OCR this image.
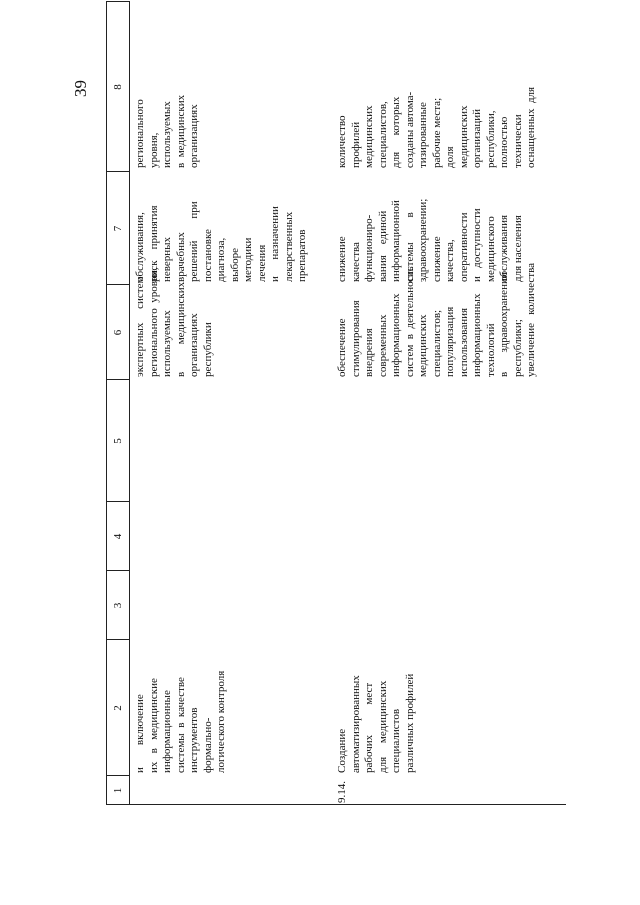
39
1
2
3
4
5
6
7
8
и        включение
их   в   медицинские
информационные
системы  в  качестве
инструментов
формально-
логического контроля
экспертных     систем
регионального  уровня,
используемых
в          медицинских
организациях
республики
обслуживания,
риск    принятия
неверных
врачебных
решений        при
постановке
диагноза,
выборе
методики
лечения
и      назначении
лекарственных
препаратов
регионального
уровня,
используемых
в  медицинских
организациях
9.14.
Создание
автоматизированных
рабочих           мест
для     медицинских
специалистов
различных профилей
обеспечение
стимулирования
внедрения
современных
информационных
систем  в  деятельность
медицинских
специалистов;
популяризация
использования
информационных
технологий
в       здравоохранении
республики;
увеличение   количества
снижение
качества
функциониро-
вания    единой
информационной
системы         в
здравоохранении;
снижение
качества,
оперативности
и   доступности
медицинского
обслуживания
для населения
количество
профилей
медицинских
специалистов,
для      которых
созданы автома-
тизированные
рабочие места;
доля
медицинских
организаций
республики,
полностью
технически
оснащенных  для
